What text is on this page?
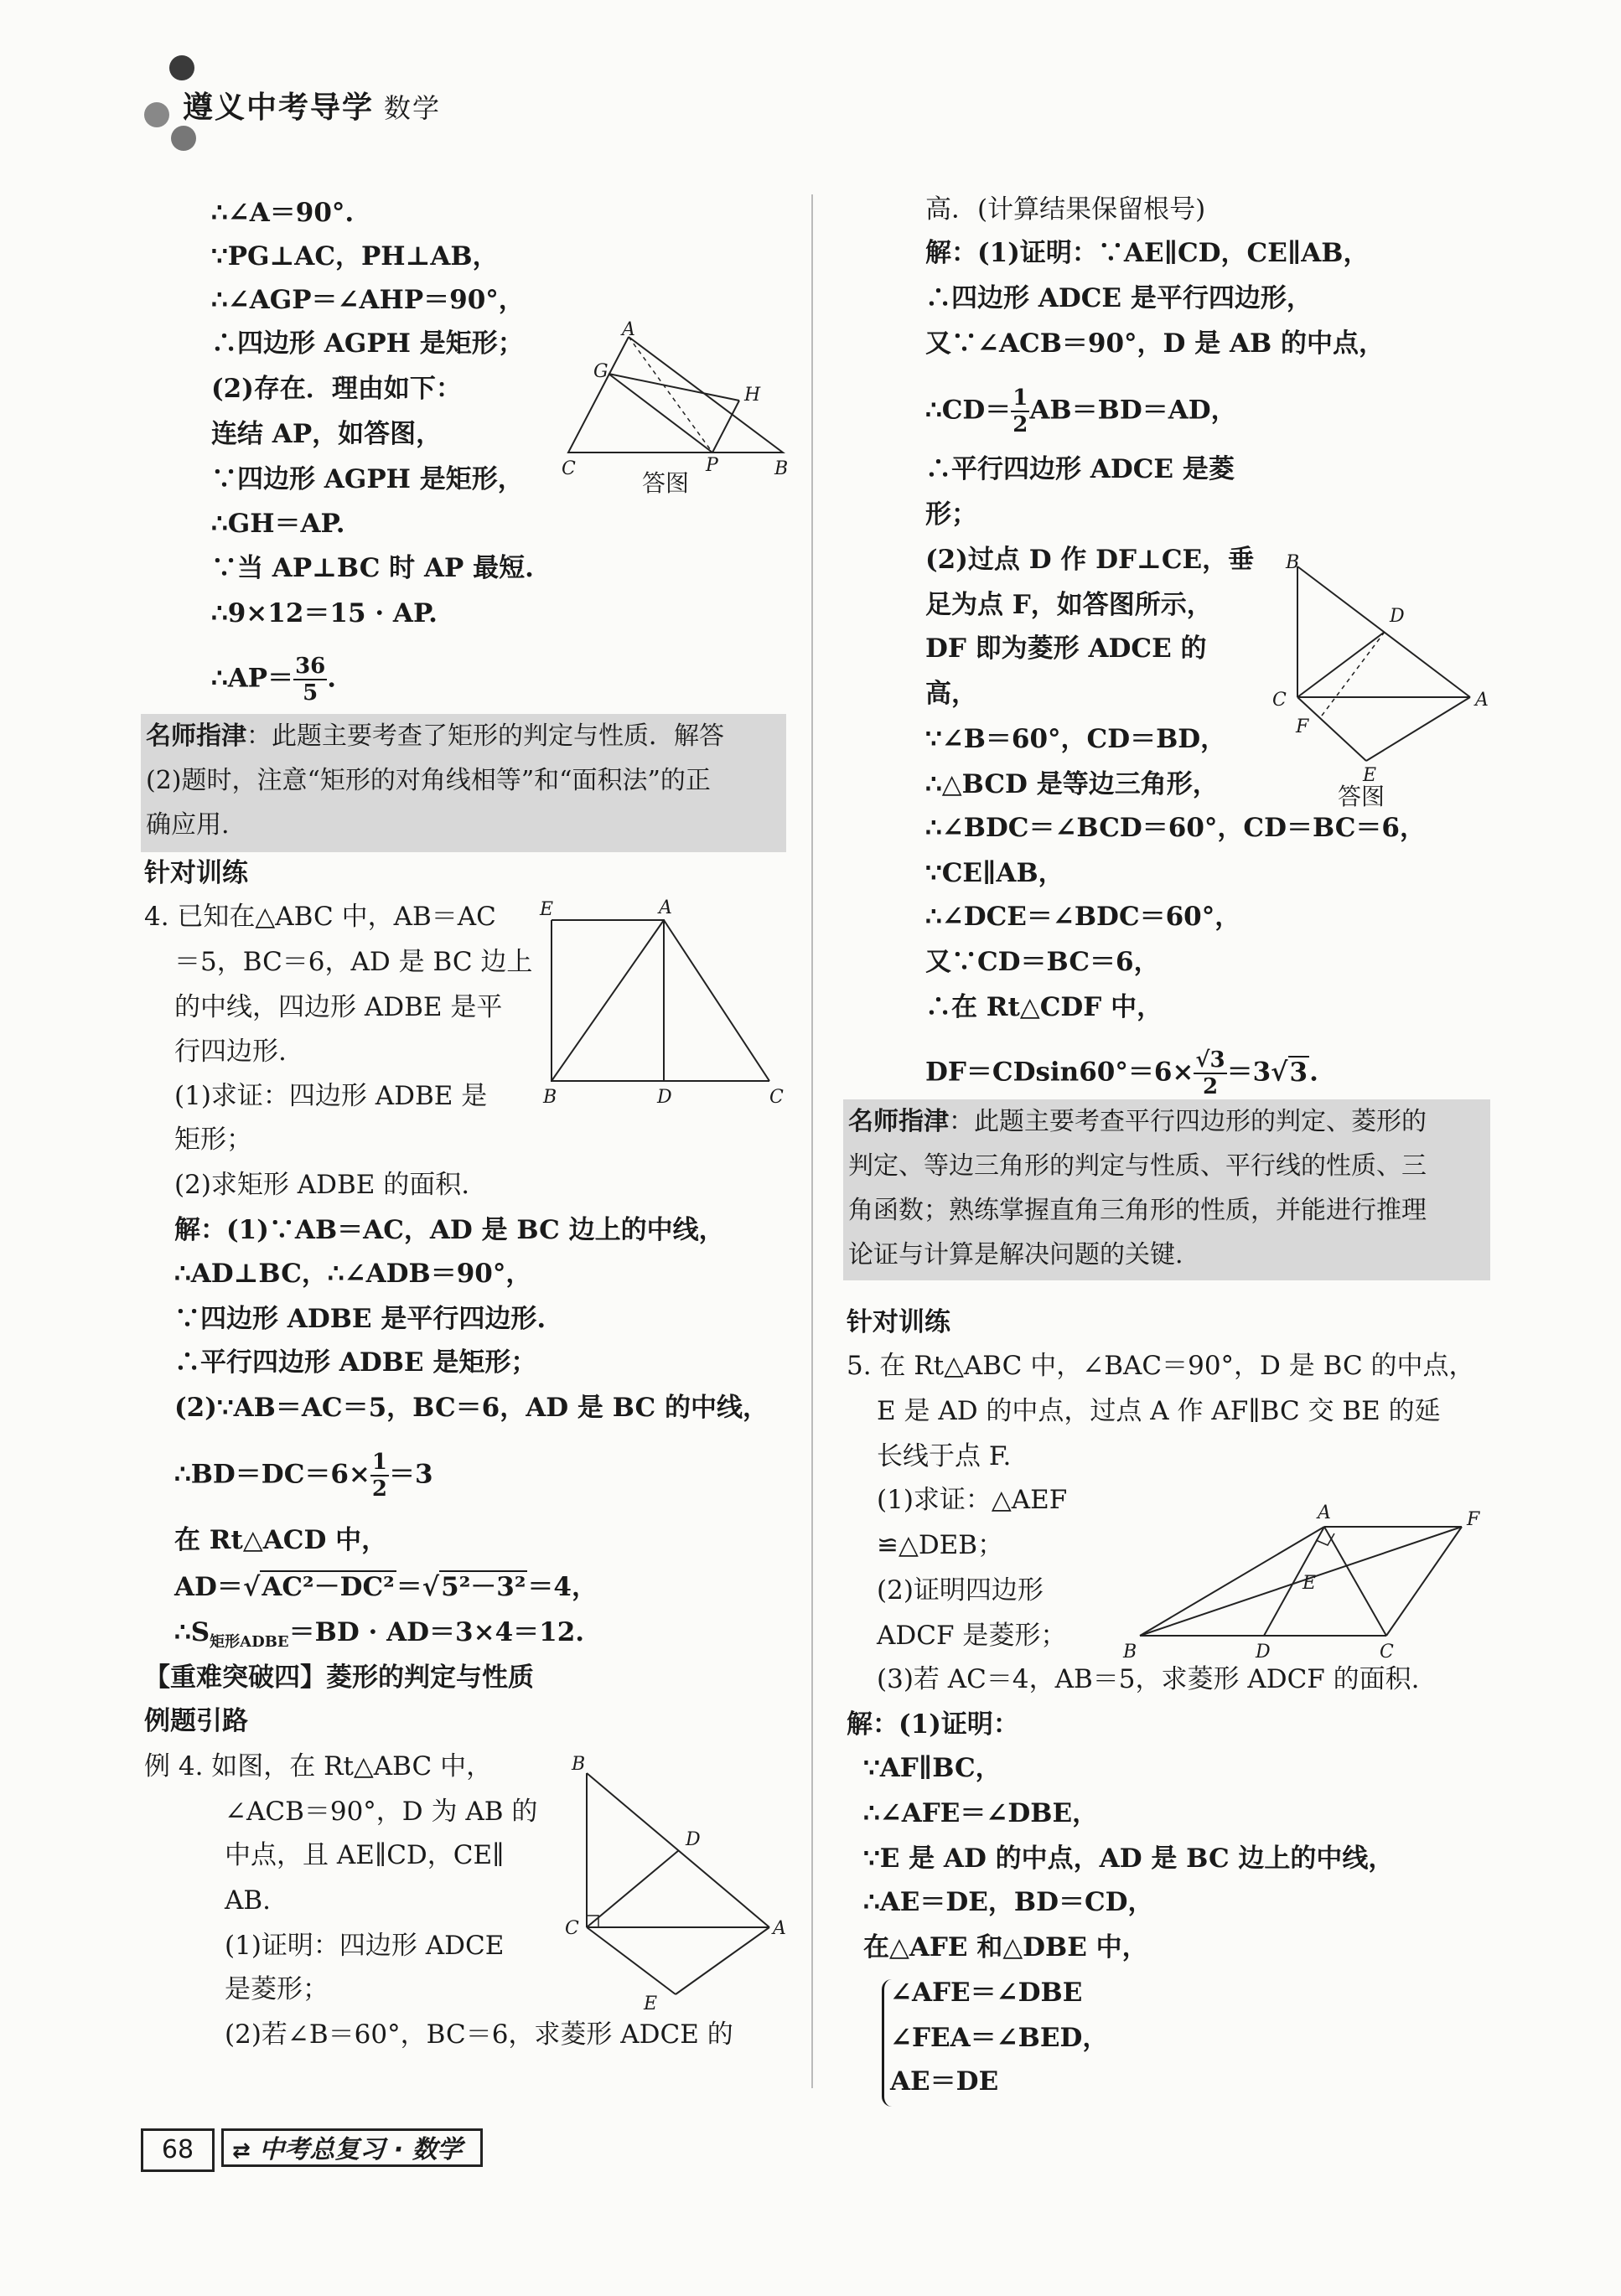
遵义中考导学 数学
∴∠A＝90°.
∵PG⊥AC，PH⊥AB，
∴∠AGP＝∠AHP＝90°，
∴四边形 AGPH 是矩形；
(2)存在．理由如下：
连结 AP，如答图，
∵四边形 AGPH 是矩形，
∴GH＝AP.
∵当 AP⊥BC 时 AP 最短.
∴9×12＝15 · AP.
∴AP＝ $\frac{36}{5}$ .
A
G
H
C	P	B
答图
名师指津：此题主要考查了矩形的判定与性质．解答
(2)题时，注意“矩形的对角线相等”和“面积法”的正
确应用.
针对训练
4. 已知在△ABC 中，AB＝AC
＝5，BC＝6，AD 是 BC 边上
的中线，四边形 ADBE 是平
行四边形.
(1)求证：四边形 ADBE 是
矩形；
(2)求矩形 ADBE 的面积.
E	A
B	D	C
解：(1)∵AB＝AC，AD 是 BC 边上的中线，
∴AD⊥BC，∴∠ADB＝90°，
∵四边形 ADBE 是平行四边形.
∴平行四边形 ADBE 是矩形；
(2)∵AB＝AC＝5，BC＝6，AD 是 BC 的中线，
∴BD＝DC＝6× $\frac{1}{2} =3$
在 Rt△ACD 中，
AD＝√AC²－DC²＝√5²－3²＝4，
$\therefore S_{矩形ADBE}=BD \cdot AD=3\times 4=12$.
【重难突破四】菱形的判定与性质
例题引路
例 4. 如图，在 Rt△ABC 中，
∠ACB＝90°，D 为 AB 的
中点，且 AE∥CD，CE∥
AB.
(1)证明：四边形 ADCE
是菱形；
(2)若∠B＝60°，BC＝6，求菱形 ADCE 的
B
D
C	A
E
高．(计算结果保留根号)
解：(1)证明：∵AE∥CD，CE∥AB，
∴四边形 ADCE 是平行四边形，
又∵∠ACB＝90°，D 是 AB 的中点，
∴CD＝ $\frac{1}{2} AB=BD=AD$，
∴平行四边形 ADCE 是菱
形；
(2)过点 D 作 DF⊥CE，垂
足为点 F，如答图所示，
DF 即为菱形 ADCE 的
高，
∵∠B＝60°，CD＝BD，
∴△BCD 是等边三角形，
∴∠BDC＝∠BCD＝60°，CD＝BC＝6，
∵CE∥AB，
∴∠DCE＝∠BDC＝60°，
又∵CD＝BC＝6，
∴在 Rt△CDF 中，
$DF=CDsin60^\circ=6\times \frac{√3}{2} =3√3$.
B
D
C	A
F
E
答图
名师指津：此题主要考查平行四边形的判定、菱形的
判定、等边三角形的判定与性质、平行线的性质、三
角函数；熟练掌握直角三角形的性质，并能进行推理
论证与计算是解决问题的关键.
针对训练
5. 在 Rt△ABC 中，∠BAC＝90°，D 是 BC 的中点，
E 是 AD 的中点，过点 A 作 AF∥BC 交 BE 的延
长线于点 F.
(1)求证：△AEF
≌△DEB；
(2)证明四边形
ADCF 是菱形；
(3)若 AC＝4，AB＝5，求菱形 ADCF 的面积.
A	F
E
B	D	C
解：(1)证明：
∵AF∥BC，
∴∠AFE＝∠DBE，
∵E 是 AD 的中点，AD 是 BC 边上的中线，
∴AE＝DE，BD＝CD，
在△AFE 和△DBE 中，
∠AFE＝∠DBE
∠FEA＝∠BED，
AE＝DE
68	⇄ 中考总复习 · 数学
